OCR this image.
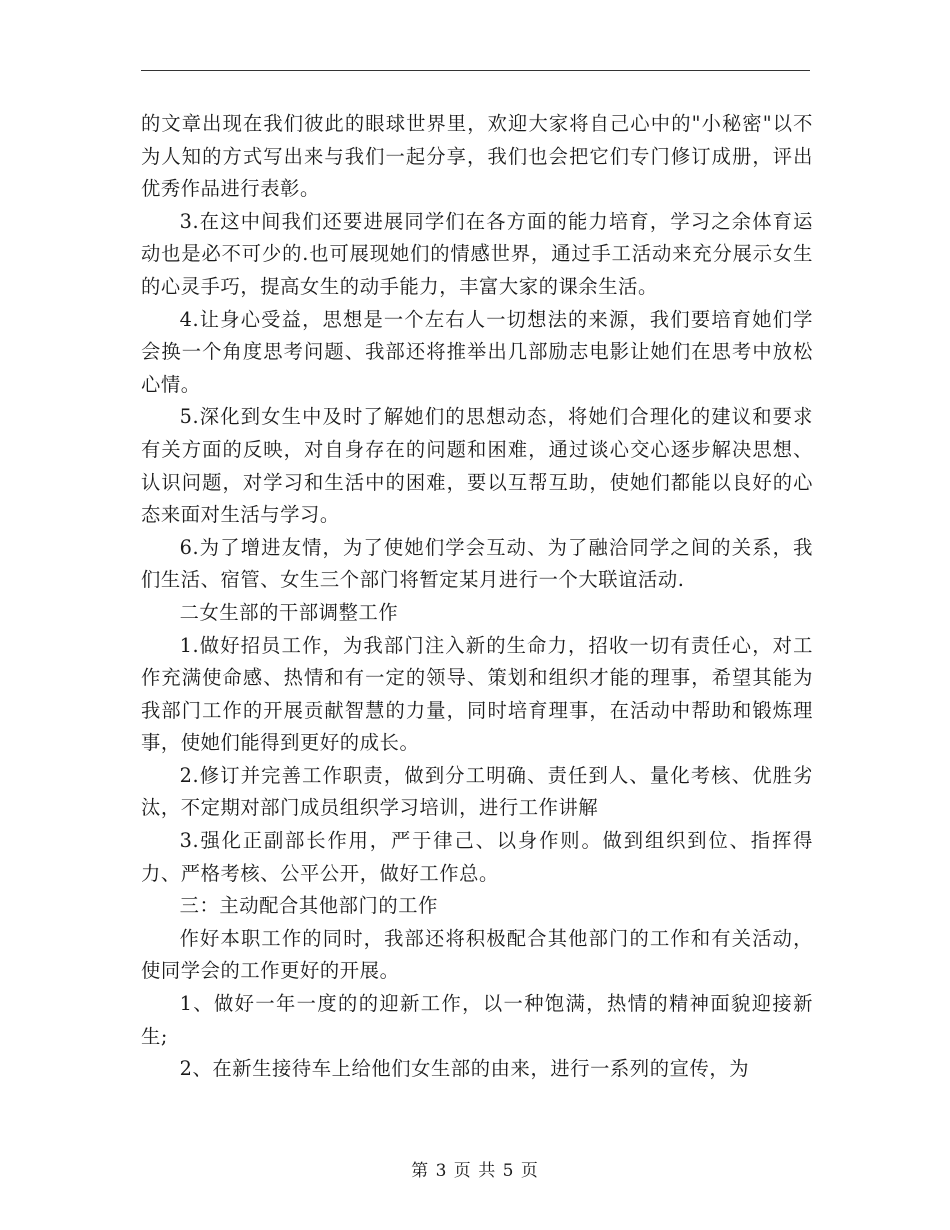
的文章出现在我们彼此的眼球世界里，欢迎大家将自己心中的"小秘密"以不为人知的方式写出来与我们一起分享，我们也会把它们专门修订成册，评出优秀作品进行表彰。

3.在这中间我们还要进展同学们在各方面的能力培育，学习之余体育运动也是必不可少的.也可展现她们的情感世界，通过手工活动来充分展示女生的心灵手巧，提高女生的动手能力，丰富大家的课余生活。

4.让身心受益，思想是一个左右人一切想法的来源，我们要培育她们学会换一个角度思考问题、我部还将推举出几部励志电影让她们在思考中放松心情。

5.深化到女生中及时了解她们的思想动态，将她们合理化的建议和要求有关方面的反映，对自身存在的问题和困难，通过谈心交心逐步解决思想、认识问题，对学习和生活中的困难，要以互帮互助，使她们都能以良好的心态来面对生活与学习。

6.为了增进友情，为了使她们学会互动、为了融洽同学之间的关系，我们生活、宿管、女生三个部门将暂定某月进行一个大联谊活动.

二女生部的干部调整工作

1.做好招员工作，为我部门注入新的生命力，招收一切有责任心，对工作充满使命感、热情和有一定的领导、策划和组织才能的理事，希望其能为我部门工作的开展贡献智慧的力量，同时培育理事，在活动中帮助和锻炼理事，使她们能得到更好的成长。

2.修订并完善工作职责，做到分工明确、责任到人、量化考核、优胜劣汰，不定期对部门成员组织学习培训，进行工作讲解

3.强化正副部长作用，严于律己、以身作则。做到组织到位、指挥得力、严格考核、公平公开，做好工作总。

三：主动配合其他部门的工作

作好本职工作的同时，我部还将积极配合其他部门的工作和有关活动，使同学会的工作更好的开展。

1、做好一年一度的的迎新工作，以一种饱满，热情的精神面貌迎接新生;

2、在新生接待车上给他们女生部的由来，进行一系列的宣传，为

第 3 页 共 5 页
